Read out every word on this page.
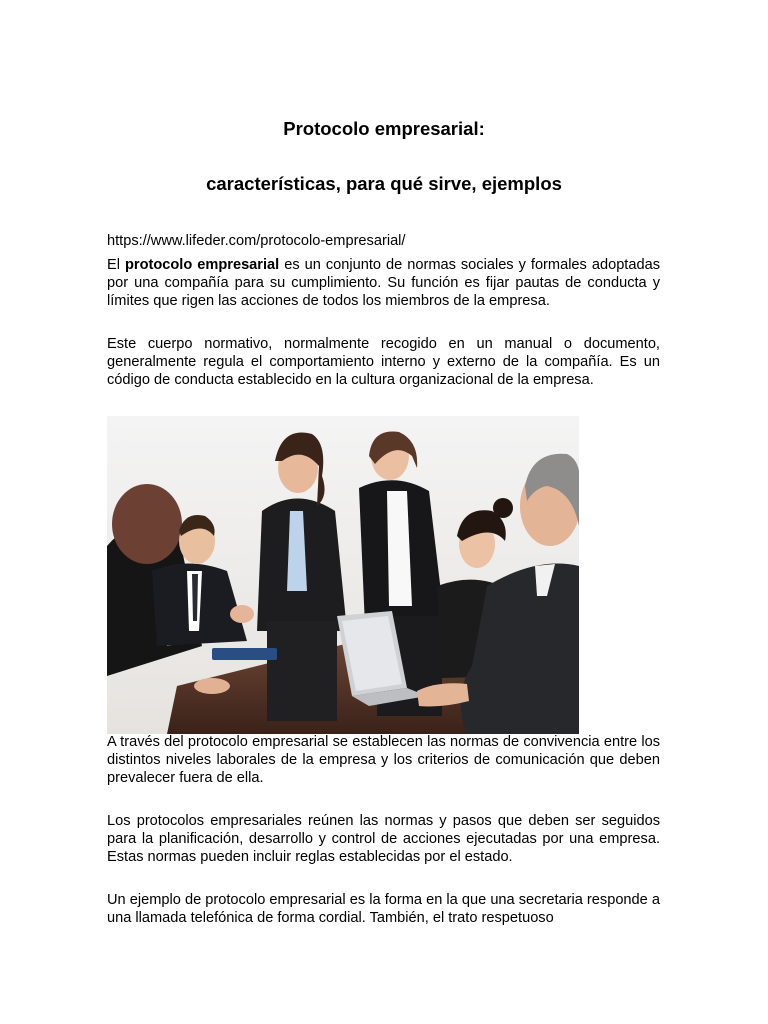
Protocolo empresarial:
características, para qué sirve, ejemplos

https://www.lifeder.com/protocolo-empresarial/

El protocolo empresarial es un conjunto de normas sociales y formales adoptadas por una compañía para su cumplimiento. Su función es fijar pautas de conducta y límites que rigen las acciones de todos los miembros de la empresa.

Este cuerpo normativo, normalmente recogido en un manual o documento, generalmente regula el comportamiento interno y externo de la compañía. Es un código de conducta establecido en la cultura organizacional de la empresa.

A través del protocolo empresarial se establecen las normas de convivencia entre los distintos niveles laborales de la empresa y los criterios de comunicación que deben prevalecer fuera de ella.

Los protocolos empresariales reúnen las normas y pasos que deben ser seguidos para la planificación, desarrollo y control de acciones ejecutadas por una empresa. Estas normas pueden incluir reglas establecidas por el estado.

Un ejemplo de protocolo empresarial es la forma en la que una secretaria responde a una llamada telefónica de forma cordial. También, el trato respetuoso
